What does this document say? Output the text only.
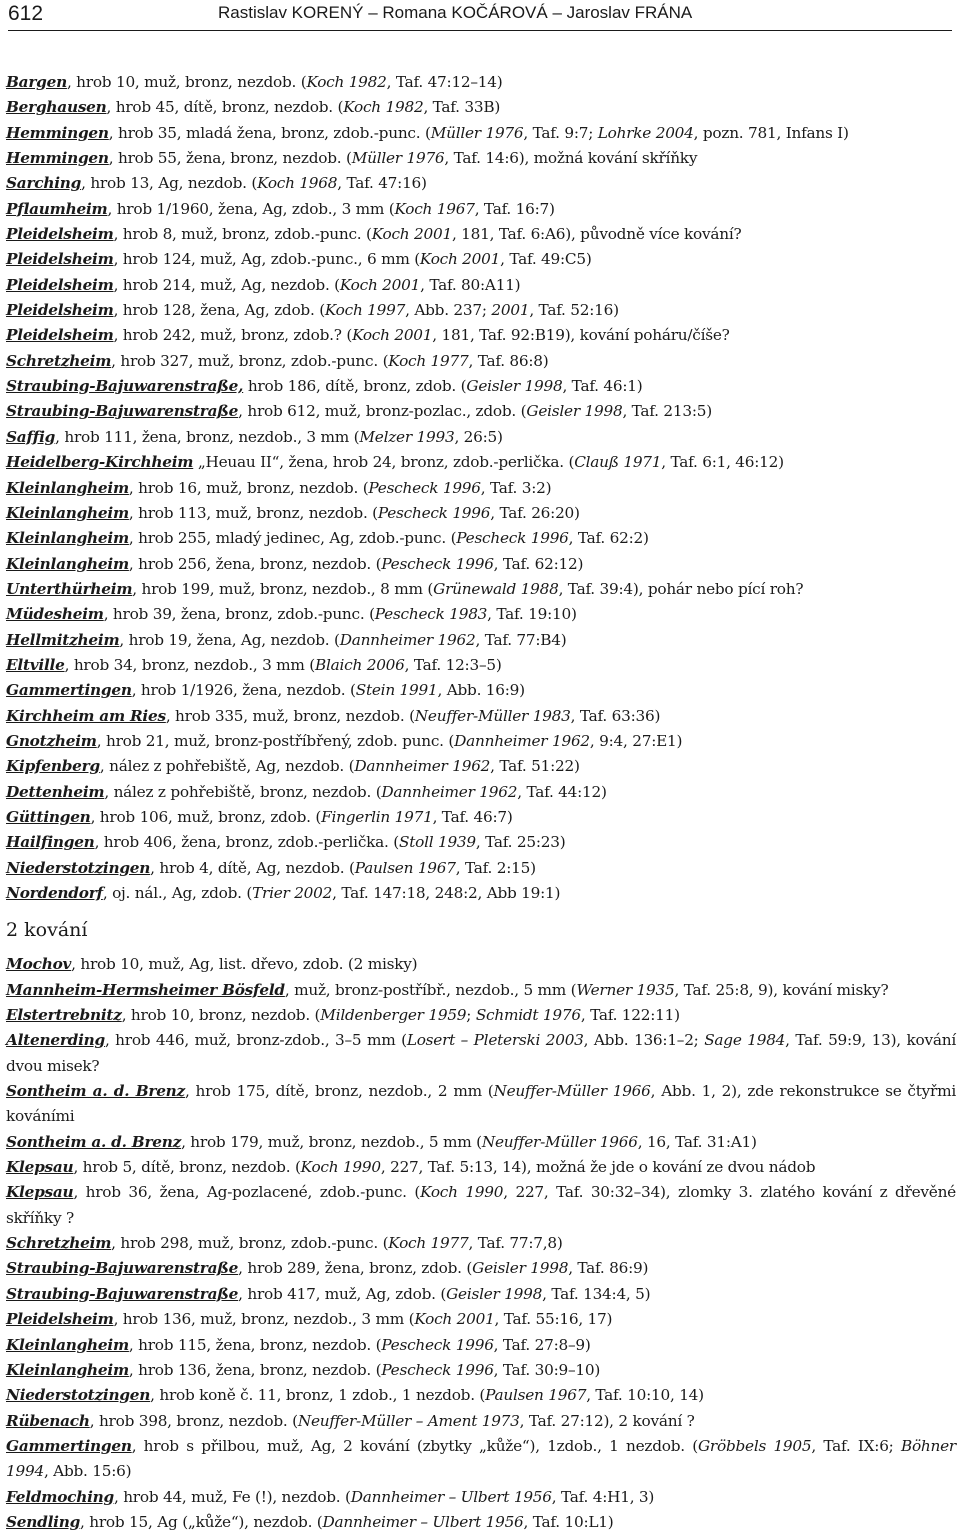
612	Rastislav KORENÝ – Romana KOČÁROVÁ – Jaroslav FRÁNA
Bargen, hrob 10, muž, bronz, nezdob. (Koch 1982, Taf. 47:12–14)
Berghausen, hrob 45, dítě, bronz, nezdob. (Koch 1982, Taf. 33B)
Hemmingen, hrob 35, mladá žena, bronz, zdob.-punc. (Müller 1976, Taf. 9:7; Lohrke 2004, pozn. 781, Infans I)
Hemmingen, hrob 55, žena, bronz, nezdob. (Müller 1976, Taf. 14:6), možná kování skříňky
Sarching, hrob 13, Ag, nezdob. (Koch 1968, Taf. 47:16)
Pflaumheim, hrob 1/1960, žena, Ag, zdob., 3 mm (Koch 1967, Taf. 16:7)
Pleidelsheim, hrob 8, muž, bronz, zdob.-punc. (Koch 2001, 181, Taf. 6:A6), původně více kování?
Pleidelsheim, hrob 124, muž, Ag, zdob.-punc., 6 mm (Koch 2001, Taf. 49:C5)
Pleidelsheim, hrob 214, muž, Ag, nezdob. (Koch 2001, Taf. 80:A11)
Pleidelsheim, hrob 128, žena, Ag, zdob. (Koch 1997, Abb. 237; 2001, Taf. 52:16)
Pleidelsheim, hrob 242, muž, bronz, zdob.? (Koch 2001, 181, Taf. 92:B19), kování poháru/číše?
Schretzheim, hrob 327, muž, bronz, zdob.-punc. (Koch 1977, Taf. 86:8)
Straubing-Bajuwarenstraße, hrob 186, dítě, bronz, zdob. (Geisler 1998, Taf. 46:1)
Straubing-Bajuwarenstraße, hrob 612, muž, bronz-pozlac., zdob. (Geisler 1998, Taf. 213:5)
Saffig, hrob 111, žena, bronz, nezdob., 3 mm (Melzer 1993, 26:5)
Heidelberg-Kirchheim „Heuau II“, žena, hrob 24, bronz, zdob.-perlička. (Clauß 1971, Taf. 6:1, 46:12)
Kleinlangheim, hrob 16, muž, bronz, nezdob. (Pescheck 1996, Taf. 3:2)
Kleinlangheim, hrob 113, muž, bronz, nezdob. (Pescheck 1996, Taf. 26:20)
Kleinlangheim, hrob 255, mladý jedinec, Ag, zdob.-punc. (Pescheck 1996, Taf. 62:2)
Kleinlangheim, hrob 256, žena, bronz, nezdob. (Pescheck 1996, Taf. 62:12)
Unterthürheim, hrob 199, muž, bronz, nezdob., 8 mm (Grünewald 1988, Taf. 39:4), pohár nebo pící roh?
Müdesheim, hrob 39, žena, bronz, zdob.-punc. (Pescheck 1983, Taf. 19:10)
Hellmitzheim, hrob 19, žena, Ag, nezdob. (Dannheimer 1962, Taf. 77:B4)
Eltville, hrob 34, bronz, nezdob., 3 mm (Blaich 2006, Taf. 12:3–5)
Gammertingen, hrob 1/1926, žena, nezdob. (Stein 1991, Abb. 16:9)
Kirchheim am Ries, hrob 335, muž, bronz, nezdob. (Neuffer-Müller 1983, Taf. 63:36)
Gnotzheim, hrob 21, muž, bronz-postříbřený, zdob. punc. (Dannheimer 1962, 9:4, 27:E1)
Kipfenberg, nález z pohřebiště, Ag, nezdob. (Dannheimer 1962, Taf. 51:22)
Dettenheim, nález z pohřebiště, bronz, nezdob. (Dannheimer 1962, Taf. 44:12)
Güttingen, hrob 106, muž, bronz, zdob. (Fingerlin 1971, Taf. 46:7)
Hailfingen, hrob 406, žena, bronz, zdob.-perlička. (Stoll 1939, Taf. 25:23)
Niederstotzingen, hrob 4, dítě, Ag, nezdob. (Paulsen 1967, Taf. 2:15)
Nordendorf, oj. nál., Ag, zdob. (Trier 2002, Taf. 147:18, 248:2, Abb 19:1)
2 kování
Mochov, hrob 10, muž, Ag, list. dřevo, zdob. (2 misky)
Mannheim-Hermsheimer Bösfeld, muž, bronz-postříbř., nezdob., 5 mm (Werner 1935, Taf. 25:8, 9), kování misky?
Elstertrebnitz, hrob 10, bronz, nezdob. (Mildenberger 1959; Schmidt 1976, Taf. 122:11)
Altenerding, hrob 446, muž, bronz-zdob., 3–5 mm (Losert – Pleterski 2003, Abb. 136:1–2; Sage 1984, Taf. 59:9, 13), kování dvou misek?
Sontheim a. d. Brenz, hrob 175, dítě, bronz, nezdob., 2 mm (Neuffer-Müller 1966, Abb. 1, 2), zde rekonstrukce se čtyřmi kováními
Sontheim a. d. Brenz, hrob 179, muž, bronz, nezdob., 5 mm (Neuffer-Müller 1966, 16, Taf. 31:A1)
Klepsau, hrob 5, dítě, bronz, nezdob. (Koch 1990, 227, Taf. 5:13, 14), možná že jde o kování ze dvou nádob
Klepsau, hrob 36, žena, Ag-pozlacené, zdob.-punc. (Koch 1990, 227, Taf. 30:32–34), zlomky 3. zlatého kování z dřevěné skříňky ?
Schretzheim, hrob 298, muž, bronz, zdob.-punc. (Koch 1977, Taf. 77:7,8)
Straubing-Bajuwarenstraße, hrob 289, žena, bronz, zdob. (Geisler 1998, Taf. 86:9)
Straubing-Bajuwarenstraße, hrob 417, muž, Ag, zdob. (Geisler 1998, Taf. 134:4, 5)
Pleidelsheim, hrob 136, muž, bronz, nezdob., 3 mm (Koch 2001, Taf. 55:16, 17)
Kleinlangheim, hrob 115, žena, bronz, nezdob. (Pescheck 1996, Taf. 27:8–9)
Kleinlangheim, hrob 136, žena, bronz, nezdob. (Pescheck 1996, Taf. 30:9–10)
Niederstotzingen, hrob koně č. 11, bronz, 1 zdob., 1 nezdob. (Paulsen 1967, Taf. 10:10, 14)
Rübenach, hrob 398, bronz, nezdob. (Neuffer-Müller – Ament 1973, Taf. 27:12), 2 kování ?
Gammertingen, hrob s přilbou, muž, Ag, 2 kování (zbytky „kůže“), 1zdob., 1 nezdob. (Gröbbels 1905, Taf. IX:6; Böhner 1994, Abb. 15:6)
Feldmoching, hrob 44, muž, Fe (!), nezdob. (Dannheimer – Ulbert 1956, Taf. 4:H1, 3)
Sendling, hrob 15, Ag („kůže“), nezdob. (Dannheimer – Ulbert 1956, Taf. 10:L1)
